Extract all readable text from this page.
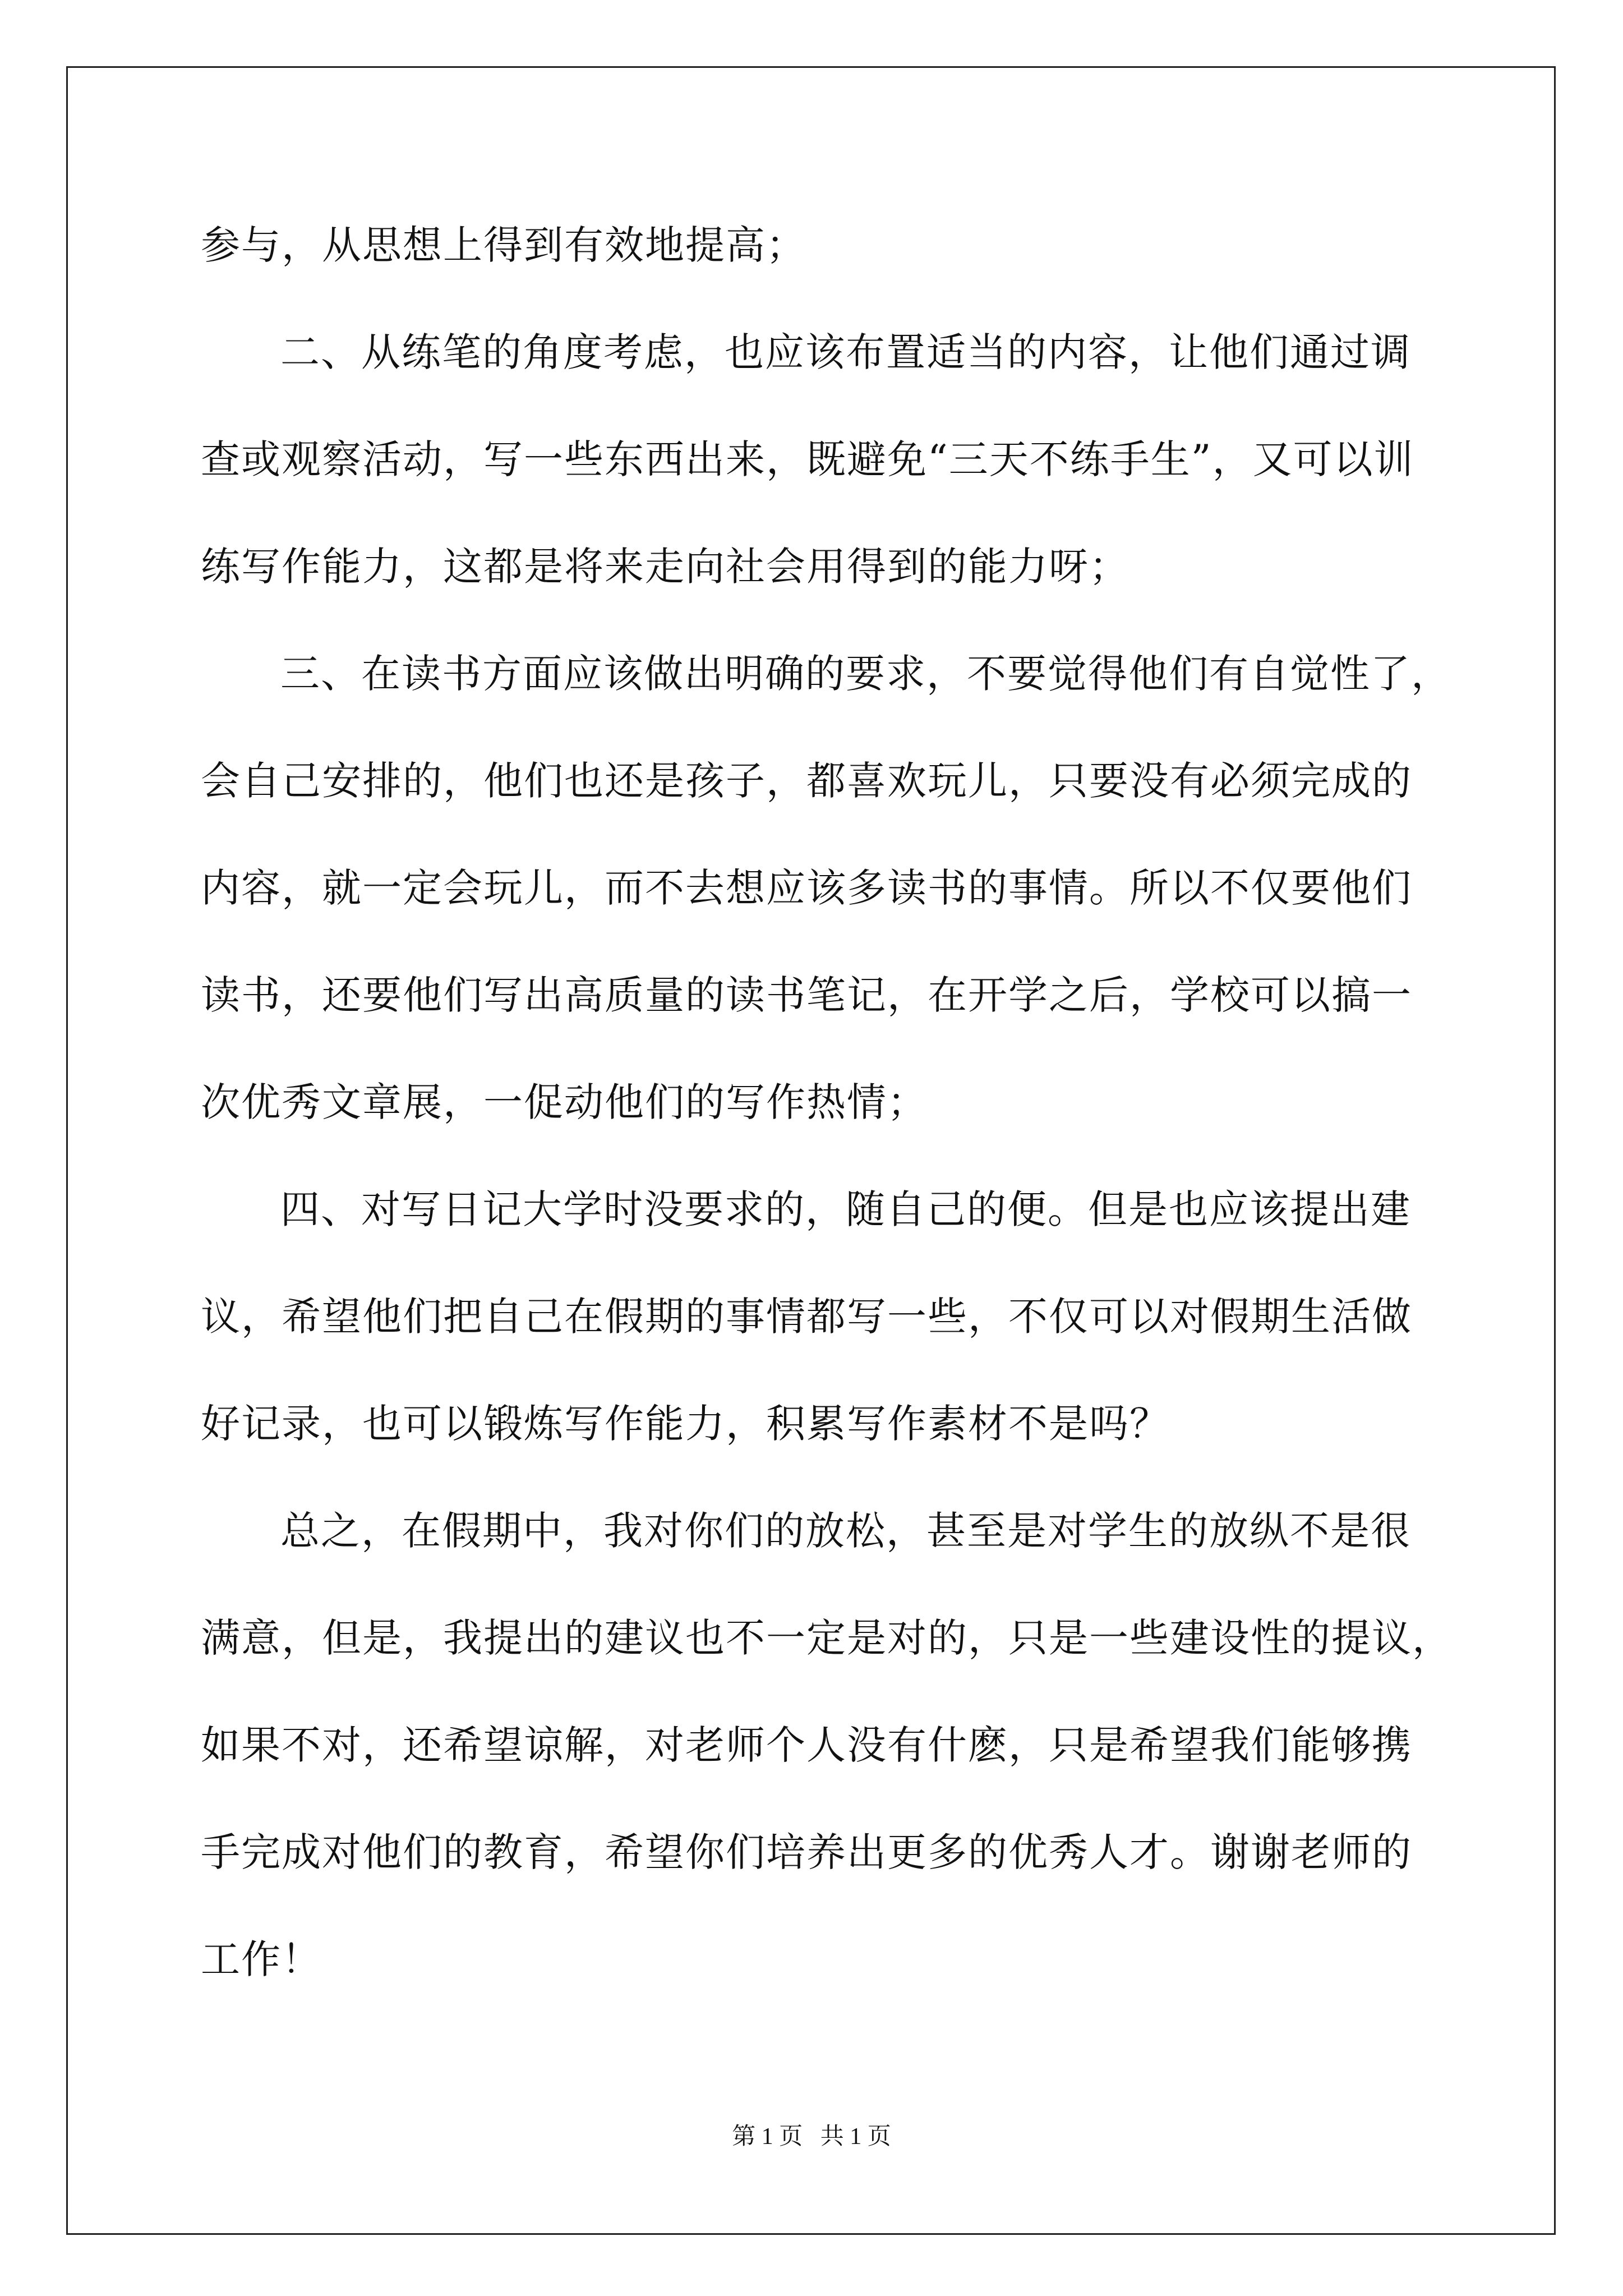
参与，从思想上得到有效地提高；
二、从练笔的角度考虑，也应该布置适当的内容，让他们通过调
查或观察活动，写一些东西出来，既避免“三天不练手生”，又可以训
练写作能力，这都是将来走向社会用得到的能力呀；
三、在读书方面应该做出明确的要求，不要觉得他们有自觉性了，
会自己安排的，他们也还是孩子，都喜欢玩儿，只要没有必须完成的
内容，就一定会玩儿，而不去想应该多读书的事情。所以不仅要他们
读书，还要他们写出高质量的读书笔记，在开学之后，学校可以搞一
次优秀文章展，一促动他们的写作热情；
四、对写日记大学时没要求的，随自己的便。但是也应该提出建
议，希望他们把自己在假期的事情都写一些，不仅可以对假期生活做
好记录，也可以锻炼写作能力，积累写作素材不是吗？
总之，在假期中，我对你们的放松，甚至是对学生的放纵不是很
满意，但是，我提出的建议也不一定是对的，只是一些建设性的提议，
如果不对，还希望谅解，对老师个人没有什麽，只是希望我们能够携
手完成对他们的教育，希望你们培养出更多的优秀人才。谢谢老师的
工作！
第 1 页   共 1 页
